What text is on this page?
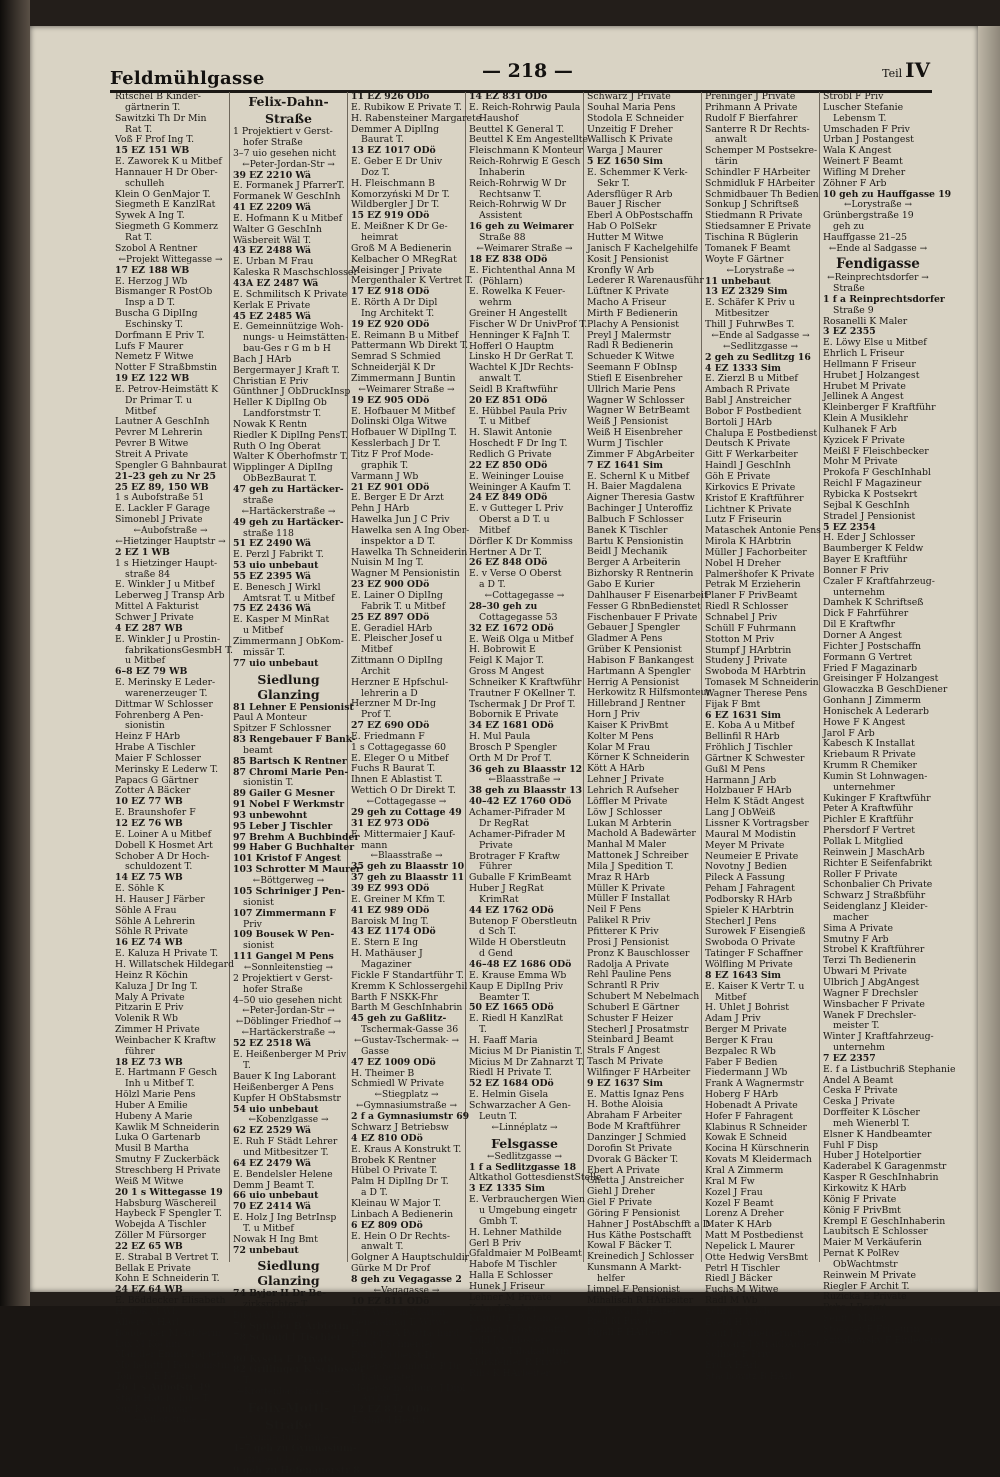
Feldmühlgasse	— 218 —	Teil IV
Ritschel B Kinder-
gärtnerin T.
Sawitzki Th Dr Min
Rat T.
Voß F Prof Ing T.
15 EZ 151 WB
E. Zaworek K u Mitbef
Hannauer H Dr Ober-
schulleh
Klein O GenMajor T.
Siegmeth E KanzlRat
Sywek A Ing T.
Siegmeth G Kommerz
Rat T.
Szobol A Rentner
← Projekt Wittegasse →
17 EZ 188 WB
E. Herzog J Wb
Bismanger R PostOb
Insp a D T.
Buscha G DiplIng
Eschinsky T.
Dorfmann E Priv T.
Lufs F Maurer
Nemetz F Witwe
Notter F Straßbmstin
19 EZ 122 WB
E. Petrov-Heimstätt K
Dr Primar T. u
Mitbef
Lautner A GeschInh
Pevrer M Lehrerin
Pevrer B Witwe
Streit A Private
Spengler G Bahnbaurat
21–23 geh zu Nr 25
25 EZ 89, 150 WB
1 s Aubofstraße 51
E. Lackler F Garage
Simonebl J Private
← Aubofstraße →
← Hietzinger Hauptstr →
2 EZ 1 WB
1 s Hietzinger Haupt-
straße 84
E. Winkler J u Mitbef
Leberweg J Transp Arb
Mittel A Fakturist
Schwer J Private
4 EZ 287 WB
E. Winkler J u Prostin-
fabrikationsGesmbH T.
u Mitbef
6–8 EZ 79 WB
E. Merinsky E Leder-
warenerzeuger T.
Dittmar W Schlosser
Fohrenberg A Pen-
sionistin
Heinz F HArb
Hrabe A Tischler
Maier F Schlosser
Merinsky E Lederw T.
Papacs G Gärtner
Zotter A Bäcker
10 EZ 77 WB
E. Braunshofer F
12 EZ 76 WB
E. Loiner A u Mitbef
Dobell K Hosmet Art
Schober A Dr Hoch-
schuldozent T.
14 EZ 75 WB
E. Söhle K
H. Hauser J Färber
Söhle A Frau
Söhle A Lehrerin
Söhle R Private
16 EZ 74 WB
E. Kaluza H Private T.
H. Willatschek Hildegard
Heinz R Köchin
Kaluza J Dr Ing T.
Maly A Private
Pitzarin E Priv
Volenik R Wb
Zimmer H Private
Weinbacher K Kraftw
führer
18 EZ 73 WB
E. Hartmann F Gesch
Inh u Mitbef T.
Hölzl Marie Pens
Huber A Emilie
Hubeny A Marie
Kawlik M Schneiderin
Luka O Gartenarb
Musil B Martha
Smutny F Zuckerbäck
Streschberg H Private
Weiß M Witwe
20 1 s Wittegasse 19
Habsburg Wäschereil
Haybeck F Spengler T.
Wobejda A Tischler
Zöller M Fürsorger
22 EZ 65 WB
E. Strabal B Vertret T.
Bellak E Private
Kohn E Schneiderin T.
24 EZ 64 WB
E. Böddecker Elisabeth
H. Bok M Wb
Albert A HArb
Böddecker M Arbterin
Lux M Köchin
Mandler Emma Papierw
Michelatti J Pensionistin
Tomsek E Kellner
26 1 s Aubofstr 49
Städt Haudschule T.
Sur K Schulwart
← Aubofstraße →
Felix-Dahn-
Straße
1 Projektiert v Gerst-
hofer Straße
3–7 uio gesehen nicht
← Peter-Jordan-Str →
39 EZ 2210 Wä
E. Formanek J PfarrerT.
Formanek W GeschInh
41 EZ 2209 Wä
E. Hofmann K u Mitbef
Walter G GeschInh
Wäsbereit Wäl T.
43 EZ 2488 Wä
E. Urban M Frau
Kaleska R Maschschlosser
43A EZ 2487 Wä
E. Schmilitsch K Private
Kerlak E Private
45 EZ 2485 Wä
E. Gemeinnützige Woh-
nungs- u Heimstätten-
bau-Ges r G m b H
Bach J HArb
Bergermayer J Kraft T.
Christian E Priv
Günthner J ObDruckInsp
Heller K DiplIng Ob
Landforstmstr T.
Nowak K Rentn
Riedler K DiplIng PensT.
Ruth O Ing Oberat
Walter K Oberhofmstr T.
Wipplinger A DiplIng
ObBezBaurat T.
47 geh zu Hartäcker-
straße
← Hartäckerstraße →
49 geh zu Hartäcker-
straße 118
51 EZ 2490 Wä
E. Perzl J Fabrikt T.
53 uio unbebaut
55 EZ 2395 Wä
E. Benesch J Wirkl
Amtsrat T. u Mitbef
75 EZ 2436 Wä
E. Kasper M MinRat
u Mitbef
Zimmermann J ObKom-
missär T.
77 uio unbebaut
Siedlung Glanzing
81 Lehner E Pensionist
Paul A Monteur
Spitzer F Schlossner
83 Rengebauer F Bank-
beamt
85 Bartsch K Rentner
87 Chromi Marie Pen-
sionistin T.
89 Gailer G Mesner
91 Nobel F Werkmstr
93 unbewohnt
95 Leber J Tischler
97 Brehm A Buchbinder
99 Haber G Buchhalter
101 Kristof F Angest
103 Schrotter M Maurer
← Böttgerweg →
105 Schriniger J Pen-
sionist
107 Zimmermann F
Priv
109 Bousek W Pen-
sionist
111 Gangel M Pens
← Sonnleitenstieg →
2 Projektiert v Gerst-
hofer Straße
4–50 uio gesehen nicht
← Peter-Jordan-Str →
← Döblinger Friedhof →
← Hartäckerstraße →
52 EZ 2518 Wä
E. Heißenberger M Priv
T.
Bauer K Ing Laborant
Heißenberger A Pens
Kupfer H ObStabsmstr
54 uio unbebaut
← Kobenzlgasse →
62 EZ 2529 Wä
E. Ruh F Städt Lehrer
und Mitbesitzer T.
64 EZ 2479 Wä
E. Bendelsler Helene
Demm J Beamt T.
66 uio unbebaut
70 EZ 2414 Wä
E. Holz J Ing BetrInsp
T. u Mitbef
Nowak H Ing Bmt
72 unbebaut
Siedlung Glanzing
74 Byjor H Dr Be-
zirksrichter T.
Bugar M Private
76 Spitaler B Arbterin
78 Schmid J Tischler
T.
80 Kysela E Private
82 Grillinger K Schlosser
T.
← Krottenbachstraße →
Felix-Mottl-
Straße
← Gymnasiumstraße →
1–7 geh zu Gymnasium-
straße 63–67
9 geh zu Hofenauerstr 8
11 EZ 926 ODö
E. Rubikow E Private T.
H. Rabensteiner Margarete
Demmer A DiplIng
Baurat T.
13 EZ 1017 ODö
E. Geber E Dr Univ
Doz T.
H. Fleischmann B
Komorzyński M Dr T.
Wildbergler J Dr T.
15 EZ 919 ODö
E. Meißner K Dr Ge-
heimrat
Groß M A Bedienerin
Kelbacher O MRegRat
Meisinger J Private
Mergenthaler K Vertret T.
17 EZ 918 ODö
E. Rörth A Dr Dipl
Ing Architekt T.
19 EZ 920 ODö
E. Reimann B u Mitbef
Pattermann Wb Direkt T.
Semrad S Schmied
Schneiderjäl K Dr
Zimmermann J Buntin
← Weimarer Straße →
19 EZ 905 ODö
E. Hofbauer M Mitbef
Dolinski Olga Witwe
Hofbauer W DiplIng T.
Kesslerbach J Dr T.
Titz F Prof Mode-
graphik T.
Varmann J Wb
21 EZ 901 ODö
E. Berger E Dr Arzt
Pehn J HArb
Hawelka Jun J C Priv
Hawelka sen A Ing Ober-
inspektor a D T.
Hawelka Th Schneiderin
Nuisin M Ing T.
Wagner M Pensionistin
23 EZ 900 ODö
E. Lainer O DiplIng
Fabrik T. u Mitbef
25 EZ 897 ODö
E. Geradiel HArb
E. Pleischer Josef u
Mitbef
Zittmann O DiplIng
Archit
Herzner E Hpfschul-
lehrerin a D
Herzner M Dr-Ing
Prof T.
27 EZ 690 ODö
E. Friedmann F
1 s Cottagegasse 60
E. Eleger O u Mitbef
Fuchs R Baurat T.
Ihnen E Ablastist T.
Wettich O Dr Direkt T.
← Cottagegasse →
29 geh zu Cottage 49
31 EZ 973 ODö
E. Mittermaier J Kauf-
mann
← Blaasstraße →
35 geh zu Blaasstr 10
37 geh zu Blaasstr 11
39 EZ 993 ODö
E. Greiner M Kfm T.
41 EZ 989 ODö
Baroisk M Ing T.
43 EZ 1174 ODö
E. Stern E Ing
H. Mathäuser J
Magaziner
Fickle F Standartführ T.
Kremm K Schlossergehil
Barth F NSKK-Fhr
Barth M GeschInhabrin
45 geh zu Gaßlitz-
Tschermak-Gasse 36
← Gustav-Tschermak- →
Gasse
47 EZ 1009 ODö
H. Theimer B
Schmiedl W Private
← Stiegplatz →
← Gymnasiumstraße →
2 f a Gymnasiumstr 69
Schwarz J Betriebsw
4 EZ 810 ODö
E. Kraus A Konstrukt T.
Brobek K Rentner
Hübel O Private T.
Palm H DiplIng Dr T.
a D T.
Kleinau W Major T.
Linbach A Bedienerin
6 EZ 809 ODö
E. Hein O Dr Rechts-
anwalt T.
Golgner A Hauptschuldir
Gürke M Dr Prof
8 geh zu Vegagasse 2
← Vegagasse →
10 EZ 811 ODö
E. v Weiseln Marian
Generalmaj T. Witwe
H. Opitz A Postfachard
Fürst J Schneider
Fisch K Oberst-Dr
Meier-Schomburg P Dr
Baumeister
Meier-Schomburg J Dipl
Archit T.
12 EZ 832 ODö
E. Gabol Hestia
14 EZ 831 ODö
E. Reich-Rohrwig Paula
Haushof
Beuttel K General T.
Beuttel K Em Angestellte
Fleischmann K Monteur
Reich-Rohrwig E Gesch
Inhaberin
Reich-Rohrwig W Dr
Rechtsanw T.
Reich-Rohrwig W Dr
Assistent
16 geh zu Weimarer
Straße 88
← Weimarer Straße →
18 EZ 838 ODö
E. Fichtenthal Anna M
(Pöhlarn)
E. Rowelka K Feuer-
wehrm
Greiner H Angestellt
Fischer W Dr UnivProf T.
Henninger K FaJnh T.
Hofferl O Hauptm
Linsko H Dr GerRat T.
Wachtel K JDr Rechts-
anwalt T.
Seidl B Kraftwführ
20 EZ 851 ODö
E. Hübbel Paula Priv
T. u Mitbef
H. Slawit Antonie
Hoschedt F Dr Ing T.
Redlich G Private
22 EZ 850 ODö
E. Weininger Louise
Weininger A Kaufm T.
24 EZ 849 ODö
E. v Gutteger L Priv
Oberst a D T. u
Mitbef
Dörfler K Dr Kommiss
Hertner A Dr T.
26 EZ 848 ODö
E. v Verse O Oberst
a D T.
← Cottagegasse →
28–30 geh zu
Cottagegasse 53
32 EZ 1672 ODö
E. Weiß Olga u Mitbef
H. Bobrowit E
Feigl K Major T.
Gross M Angest
Schneiker K Kraftwführ
Trautner F OKellner T.
Tschermak J Dr Prof T.
Bobornik E Private
34 EZ 1681 ODö
H. Mul Paula
Brosch P Spengler
Orth M Dr Prof T.
36 geh zu Blaasstr 12
← Blaasstraße →
38 geh zu Blaasstr 13
40–42 EZ 1760 ODö
Achamer-Pifrader M
Dr RegRat
Achamer-Pifrader M
Private
Brotrager F Kraftw
Führer
Guballe F KrimBeamt
Huber J RegRat
KrimRat
44 EZ 1762 ODö
Butenop F Oberstleutn
d Sch T.
Wilde H Oberstleutn
d Gend
46–48 EZ 1686 ODö
E. Krause Emma Wb
Kaup E DiplIng Priv
Beamter T.
50 EZ 1665 ODö
E. Riedl H KanzlRat
T.
H. Faaff Maria
Micius M Dr Pianistin T.
Micius M Dr Zahnarzt T.
Riedl H Private T.
52 EZ 1684 ODö
E. Helmin Gisela
Schwarzacher A Gen-
Leutn T.
← Linnéplatz →
Felsgasse
← Sedlitzgasse →
1 f a Sedlitzgasse 18
Altkathol GottesdienstStelle
3 EZ 1335 Sim
E. Verbrauchergen Wien
u Umgebung eingetr
Gmbh T.
H. Lehner Mathilde
Gerl B Priv
Gfaldmaier M PolBeamt
Habofe M Tischler
Halla E Schlosser
Hunek J Friseur
Lehner M Private
Kolar J Dreher
Krautig F Postangest
Lehner J Postschaffn
Lukl J Schlosser
Luka M Tabakarbtrin
Markfeiner R Private
Rihs K HArbeiter
Schwarz J Private
Souhal Maria Pens
Stodola E Schneider
Unzeitig F Dreher
Wallisch K Private
Warga J Maurer
5 EZ 1650 Sim
E. Schemmer K Verk-
Sekr T.
Adersflüger R Arb
Bauer J Rischer
Eberl A ObPostschaffn
Hab O PolSekr
Hutter M Witwe
Janisch F Kachelgehilfe
Kosit J Pensionist
Kronfly W Arb
Lederer R Warenausführ
Lüftner K Private
Macho A Friseur
Mirth F Bedienerin
Plachy A Pensionist
Preyl J Malermstr
Radl R Bedienerin
Schueder K Witwe
Seemann F ObInsp
Stiefl E Eisenbreher
Ullrich Marie Pens
Wagner W Schlosser
Wagner W BetrBeamt
Weiß J Pensionist
Weiß H Eisenbreher
Wurm J Tischler
Zimmer F AbgArbeiter
7 EZ 1641 Sim
E. Schernl K u Mitbef
H. Baier Magdalena
Aigner Theresia Gastw
Bachinger J Unteroffiz
Balbuch F Schlosser
Banek K Tischler
Bartu K Pensionistin
Beidl J Mechanik
Berger A Arbeiterin
Bizhorsky R Rentnerin
Gabo E Kurier
Dahlhauser F Eisenarbeit
Fesser G RbnBedienstet
Fischenbauer F Private
Gebauer J Spengler
Gladmer A Pens
Grüber K Pensionist
Habison F Bankangest
Hartmann A Spengler
Herrig A Pensionist
Herkowitz R Hilfsmonteur
Hillebrand J Rentner
Horn J Priv
Kaiser K PrivBmt
Kolter M Pens
Kolar M Frau
Körner K Schneiderin
Kött A HArb
Lehner J Private
Lehrich R Aufseher
Löffler M Private
Löw J Schlosser
Lukan M Arbterin
Machold A Badewärter
Manhal M Maler
Mattonek J Schreiber
Mila J Spedition T.
Mraz R HArb
Müller K Private
Müller F Installat
Neil F Pens
Palikel R Priv
Pfitterer K Priv
Prosi J Pensionist
Pronz K Bauschlosser
Radolja A Private
Rehl Pauline Pens
Schrantl R Priv
Schubert M Nebelmach
Schuberl E Gärtner
Schuster F Heizer
Stecherl J Prosatmstr
Steinbard J Beamt
Strals F Angest
Tasch M Private
Wilfinger F HArbeiter
9 EZ 1637 Sim
E. Mattis Ignaz Pens
H. Bothe Aloisia
Abraham F Arbeiter
Bode M Kraftführer
Danzinger J Schmied
Dorofin St Private
Dvorak G Bäcker T.
Ebert A Private
Ghetta J Anstreicher
Giehl J Dreher
Giel F Private
Göring F Pensionist
Hahner J PostAbschfft a D
Hus Käthe Postschafft
Kowal F Bäcker T.
Kreinedich J Schlosser
Kunsmann A Markt-
helfer
Limpel F Pensionist
Mihalisch R HArbeiter
Rochowal B Heizer
Pfeil M Private
Pigall F HArbeiter
Preninger J Private
Prihmann A Private
Rudolf F Bierfahrer
Santerre R Dr Rechts-
anwalt
Schemper M Postsekre-
tärin
Schindler F HArbeiter
Schmidluk F HArbeiter
Schmidbauer Th Bedien
Sonkup J Schriftseß
Stiedmann R Private
Stiedsamner E Private
Tischina R Büglerin
Tomanek F Beamt
Woyte F Gärtner
← Lorystraße →
11 unbebaut
13 EZ 2329 Sim
E. Schäfer K Priv u
Mitbesitzer
Thill J FuhrwBes T.
← Ende al Sadgasse →
← Sedlitzgasse →
2 geh zu Sedlitzg 16
4 EZ 1333 Sim
E. Zierzl B u Mitbef
Ambach R Private
Babl J Anstreicher
Bobor F Postbedient
Bortoli J HArb
Chalupa E Postbedienst
Deutsch K Private
Gitt F Werkarbeiter
Haindl J GeschInh
Göh E Private
Kirkovics E Private
Kristof E Kraftführer
Lichtner K Private
Lutz F Friseurin
Mataschek Antonie Pens
Mirola K HArbtrin
Müller J Fachorbeiter
Nobel H Dreher
Palmeršhofer K Private
Petrak M Erzieherin
Planer F PrivBeamt
Riedl R Schlosser
Schnabel J Priv
Schüll F Fuhrmann
Stotton M Priv
Stumpf J HArbtrin
Studeny J Private
Swoboda M HArbtrin
Tomasek M Schneiderin
Wagner Therese Pens
Fijak F Bmt
6 EZ 1631 Sim
E. Koba A u Mitbef
Bellinfil R HArb
Fröhlich J Tischler
Gärtner K Schwester
Gußl M Pens
Harmann J Arb
Holzbauer F HArb
Helm K Städt Angest
Lang J ObWeiß
Lissner K Vortragsber
Maural M Modistin
Meyer M Private
Neumeier E Private
Novotny J Bedien
Pileck A Fassung
Peham J Fahragent
Podborsky R HArb
Spieler K HArbtrin
Stecherl J Pens
Surowek F Eisengieß
Swoboda O Private
Tatinger F Schaffner
Wölfling M Private
8 EZ 1643 Sim
E. Kaiser K Vertr T. u
Mitbef
H. Uhlet J Bohrist
Adam J Priv
Berger M Private
Berger K Frau
Bezpalec R Wb
Faber F Bedien
Fiedermann J Wb
Frank A Wagnermstr
Hoberg F HArb
Hobenadt A Private
Hofer F Fahragent
Klabinus R Schneider
Kowak E Schneid
Kocina H Kürschnerin
Kovats M Kleidermach
Kral A Zimmerm
Kral M Fw
Kozel J Frau
Kozel F Beamt
Lorenz A Dreher
Mater K HArb
Matt M Postbedienst
Nepelick L Maurer
Otte Hedwig VersBmt
Petrl H Tischler
Riedl J Bäcker
Fuchs M Witwe
Radl M Wb
Schram K Wb
Ecebl H Wb
Sauf J Schneidermstr
Schwarz J StraßbAngest
Söllner F Priv
Erd A HArb
Stachowitz B HArb
Strobl F Priv
Luscher Stefanie
Lebensm T.
Umschaden F Priv
Urban J Postangest
Wala K Angest
Weinert F Beamt
Wifling M Dreher
Zöhner F Arb
10 geh zu Hauffgasse 19
← Lorystraße →
Grünbergstraße 19
geh zu
Hauffgasse 21–25
← Ende al Sadgasse →
Fendigasse
← Reinprechtsdorfer →
Straße
1 f a Reinprechtsdorfer
Straße 9
Rosanelli K Maler
3 EZ 2355
E. Löwy Else u Mitbef
Ehrlich L Friseur
Hellmann F Friseur
Hrubet J Holzangest
Hrubet M Private
Jellinek A Angest
Kleinberger F Kraftführ
Klein A Musiklehr
Kulhanek F Arb
Kyzicek F Private
Meißl F Fleischbecker
Mohr M Private
Prokofa F GeschInhabl
Reichl F Magazineur
Rybicka K Postsekrt
Sejbal K GeschInh
Stradel J Pensionist
5 EZ 2354
H. Eder J Schlosser
Baumberger K Feldw
Bayer E Kraftführ
Bonner F Priv
Czaler F Kraftfahrzeug-
unternehm
Damhek K Schriftseß
Dick F Fahrführer
Dil E Kraftwfhr
Dorner A Angest
Fichter J Postschaffn
Formann G Vertret
Fried F Magazinarb
Greisinger F Holzangest
Glowaczka B GeschDiener
Gonhann J Zimmerm
Honischek A Lederarb
Howe F K Angest
Jarol F Arb
Kabesch K Installat
Kriebaum R Private
Krumm R Chemiker
Kumin St Lohnwagen-
unternehmer
Kukinger F Kraftwführ
Peter A Kraftwführ
Pichler E Kraftführ
Phersdorf F Vertret
Pollak L Mitglied
Reinwein J MaschArb
Richter E Seifenfabrikt
Roller F Private
Schonbalier Ch Private
Schwarz J Straßbführ
Seidenglanz J Kleider-
macher
Sima A Private
Smutny F Arb
Strobel K Kraftführer
Terzi Th Bedienerin
Ubwari M Private
Ulbrich J AbgAngest
Wagner F Drechsler
Winsbacher F Private
Wanek F Drechsler-
meister T.
Winter J Kraftfahrzeug-
unternehm
7 EZ 2357
E. f a Listbuchriß Stephanie
Andel A Beamt
Ceska F Private
Ceska J Private
Dorffeiter K Löscher
meh Wienerbl T.
Elsner K Handbeamter
Fuhl F Disp
Huber J Hotelportier
Kaderabel K Garagenmstr
Kasper R GeschInhabrin
Kirkowitz K HArb
König F Private
König F PrivBmt
Krempl E GeschInhaberin
Laubitsch E Schlosser
Maier M Verkäuferin
Pernat K PolRev
ObWachtmstr
Reinwein M Private
Riegler F Archit T.
Ruzicka E Private
Ryba J Beamt
Senft J Maler
Stoesser F Friseurin
Szirakowsky F Einlegerin
